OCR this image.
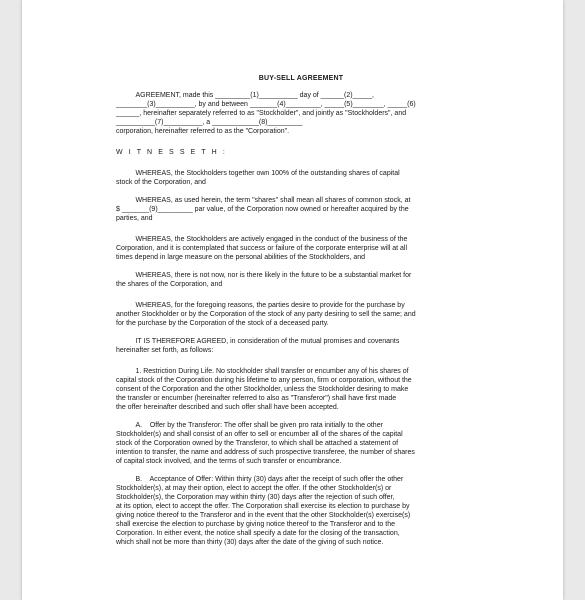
BUY-SELL AGREEMENT

AGREEMENT, made this _________(1)__________ day of ______(2)_____,
________(3)__________, by and between _______(4)_________, _____(5)________, _____(6)
______, hereinafter separately referred to as "Stockholder", and jointly as "Stockholders", and
__________(7)__________, a ____________(8)_________
corporation, hereinafter referred to as the "Corporation".

W I T N E S S E T H :

WHEREAS, the Stockholders together own 100% of the outstanding shares of capital
stock of the Corporation, and

WHEREAS, as used herein, the term "shares" shall mean all shares of common stock, at
$ _______(9)_________ par value, of the Corporation now owned or hereafter acquired by the
parties, and

WHEREAS, the Stockholders are actively engaged in the conduct of the business of the
Corporation, and it is contemplated that success or failure of the corporate enterprise will at all
times depend in large measure on the personal abilities of the Stockholders, and

WHEREAS, there is not now, nor is there likely in the future to be a substantial market for
the shares of the Corporation, and

WHEREAS, for the foregoing reasons, the parties desire to provide for the purchase by
another Stockholder or by the Corporation of the stock of any party desiring to sell the same; and
for the purchase by the Corporation of the stock of a deceased party.

IT IS THEREFORE AGREED, in consideration of the mutual promises and covenants
hereinafter set forth, as follows:

1. Restriction During Life. No stockholder shall transfer or encumber any of his shares of
capital stock of the Corporation during his lifetime to any person, firm or corporation, without the
consent of the Corporation and the other Stockholder, unless the Stockholder desiring to make
the transfer or encumber (hereinafter referred to also as "Transferor") shall have first made
the offer hereinafter described and such offer shall have been accepted.

A.    Offer by the Transferor: The offer shall be given pro rata initially to the other
Stockholder(s) and shall consist of an offer to sell or encumber all of the shares of the capital
stock of the Corporation owned by the Transferor, to which shall be attached a statement of
intention to transfer, the name and address of such prospective transferee, the number of shares
of capital stock involved, and the terms of such transfer or encumbrance.

B.    Acceptance of Offer: Within thirty (30) days after the receipt of such offer the other
Stockholder(s), at may their option, elect to accept the offer. If the other Stockholder(s) or
Stockholder(s), the Corporation may within thirty (30) days after the rejection of such offer,
at its option, elect to accept the offer. The Corporation shall exercise its election to purchase by
giving notice thereof to the Transferor and in the event that the other Stockholder(s) exercise(s)
shall exercise the election to purchase by giving notice thereof to the Transferor and to the
Corporation. In either event, the notice shall specify a date for the closing of the transaction,
which shall not be more than thirty (30) days after the date of the giving of such notice.
